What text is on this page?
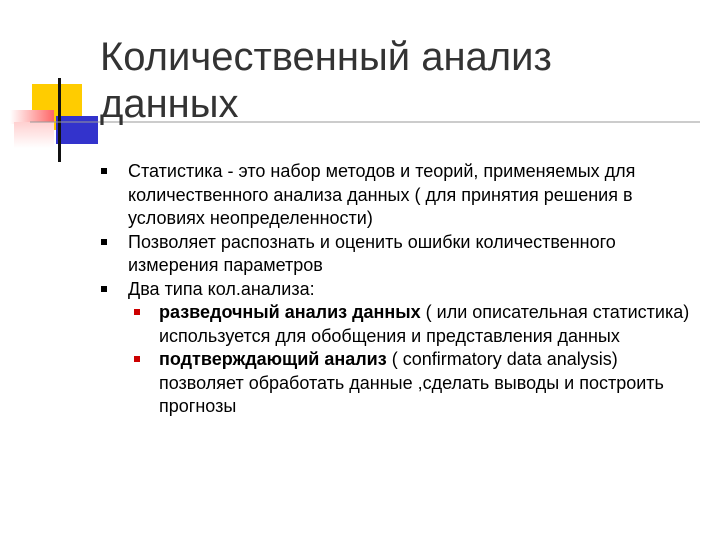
Количественный анализ данных
Статистика - это набор методов и теорий, применяемых для количественного анализа данных ( для принятия решения в условиях неопределенности)
Позволяет распознать и оценить ошибки количественного измерения параметров
Два типа кол.анализа:
разведочный анализ данных ( или описательная статистика) используется для обобщения и представления данных
подтверждающий анализ ( confirmatory data analysis) позволяет обработать данные ,сделать выводы и построить прогнозы
